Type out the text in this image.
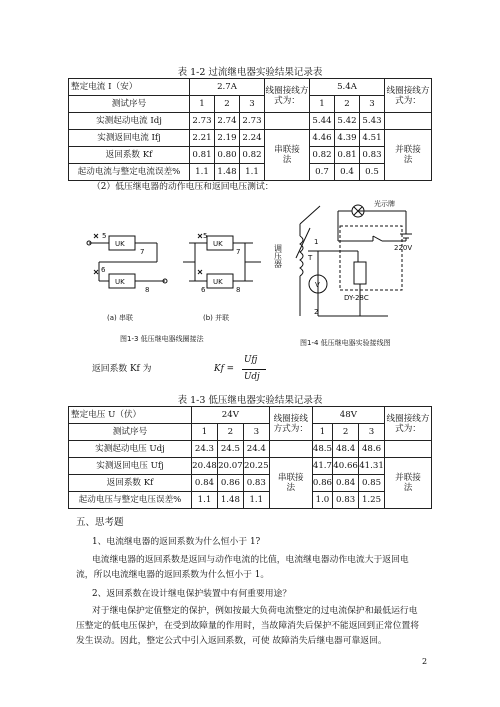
表 1-2 过流继电器实验结果记录表
整定电流 I（安）	2.7A			线圈接线方式为：	5.4A			线圈接线方式为：
测试序号	1	2	3		1	2	3	
实测起动电流 Idj	2.73	2.74	2.73		5.44	5.42	5.43	
实测返回电流 Ifj	2.21	2.19	2.24	串联接法	4.46	4.39	4.51	并联接法
返回系数 Kf	0.81	0.80	0.82		0.82	0.81	0.83	
起动电流与整定电流误差%	1.1	1.48	1.1		0.7	0.4	0.5	
（2）低压继电器的动作电压和返回电压测试：
UK
UK
UK
UK
5
7
6
8
5
7
6	8
(a) 串联	(b) 并联
图1-3 低压继电器线圈接法
光示牌
220V
DY-28C
T
1
2
V
调压器
图1-4 低压继电器实验接线图
返回系数 Kf 为	Kf =
Ufj
Udj
表 1-3 低压继电器实验结果记录表
整定电压 U（伏）	24V			线圈接线方式为：	48V			线圈接线方式为：
测试序号	1	2	3		1	2	3	
实测起动电压 Udj	24.3	24.5	24.4		48.5	48.4	48.6	
实测返回电压 Ufj	20.48	20.07	20.25	串联接法	41.7	40.66	41.31	并联接法
返回系数 Kf	0.84	0.86	0.83		0.86	0.84	0.85	
起动电压与整定电压误差%	1.1	1.48	1.1		1.0	0.83	1.25	
五、思考题
1、电流继电器的返回系数为什么恒小于 1?
电流继电器的返回系数是返回与动作电流的比值，电流继电器动作电流大于返回电流，所以电流继电器的返回系数为什么恒小于 1。
2、返回系数在设计继电保护装置中有何重要用途？
对于继电保护定值整定的保护，例如按最大负荷电流整定的过电流保护和最低运行电压整定的低电压保护，在受到故障量的作用时，当故障消失后保护不能返回到正常位置将发生误动。因此，整定公式中引入返回系数，可使 故障消失后继电器可靠返回。
2
